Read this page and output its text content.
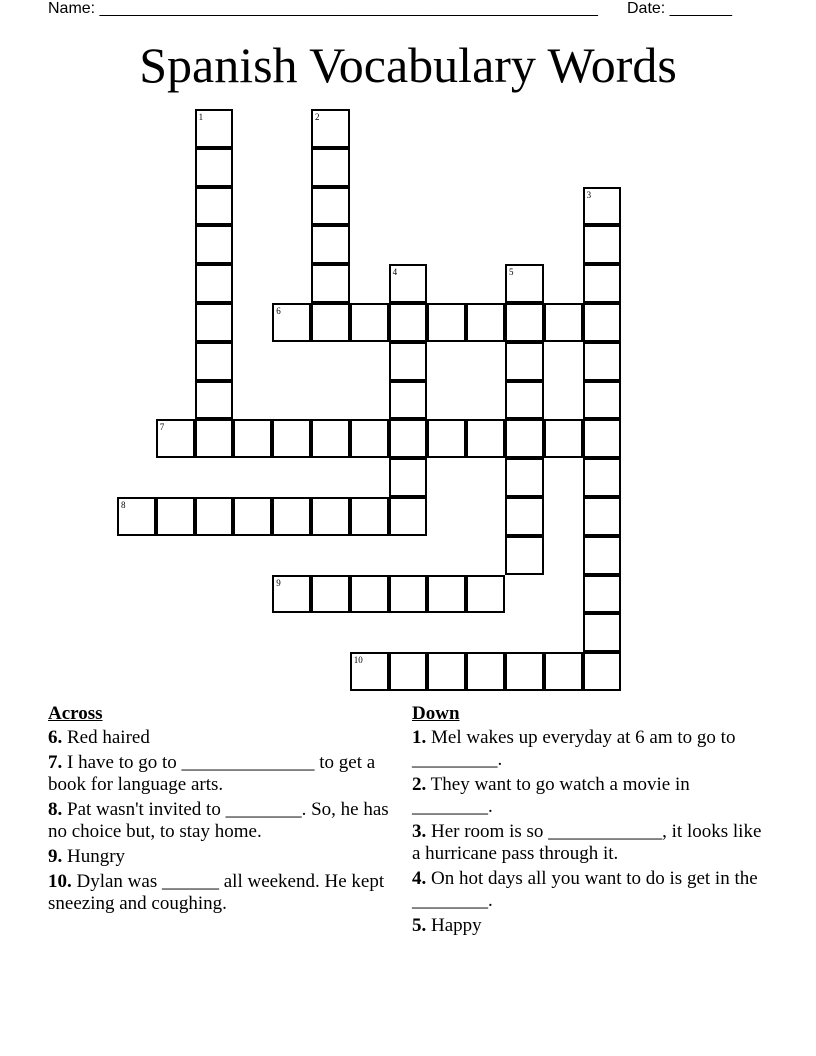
Name: ________________________________________________________ Date: _______
Spanish Vocabulary Words
1	2
3
4	5
6
7
8
9
10
Across
6. Red haired
7. I have to go to ______________ to get a book for language arts.
8. Pat wasn't invited to ________. So, he has no choice but, to stay home.
9. Hungry
10. Dylan was ______ all weekend. He kept sneezing and coughing.
Down
1. Mel wakes up everyday at 6 am to go to _________.
2. They want to go watch a movie in ________.
3. Her room is so ____________, it looks like a hurricane pass through it.
4. On hot days all you want to do is get in the ________.
5. Happy
